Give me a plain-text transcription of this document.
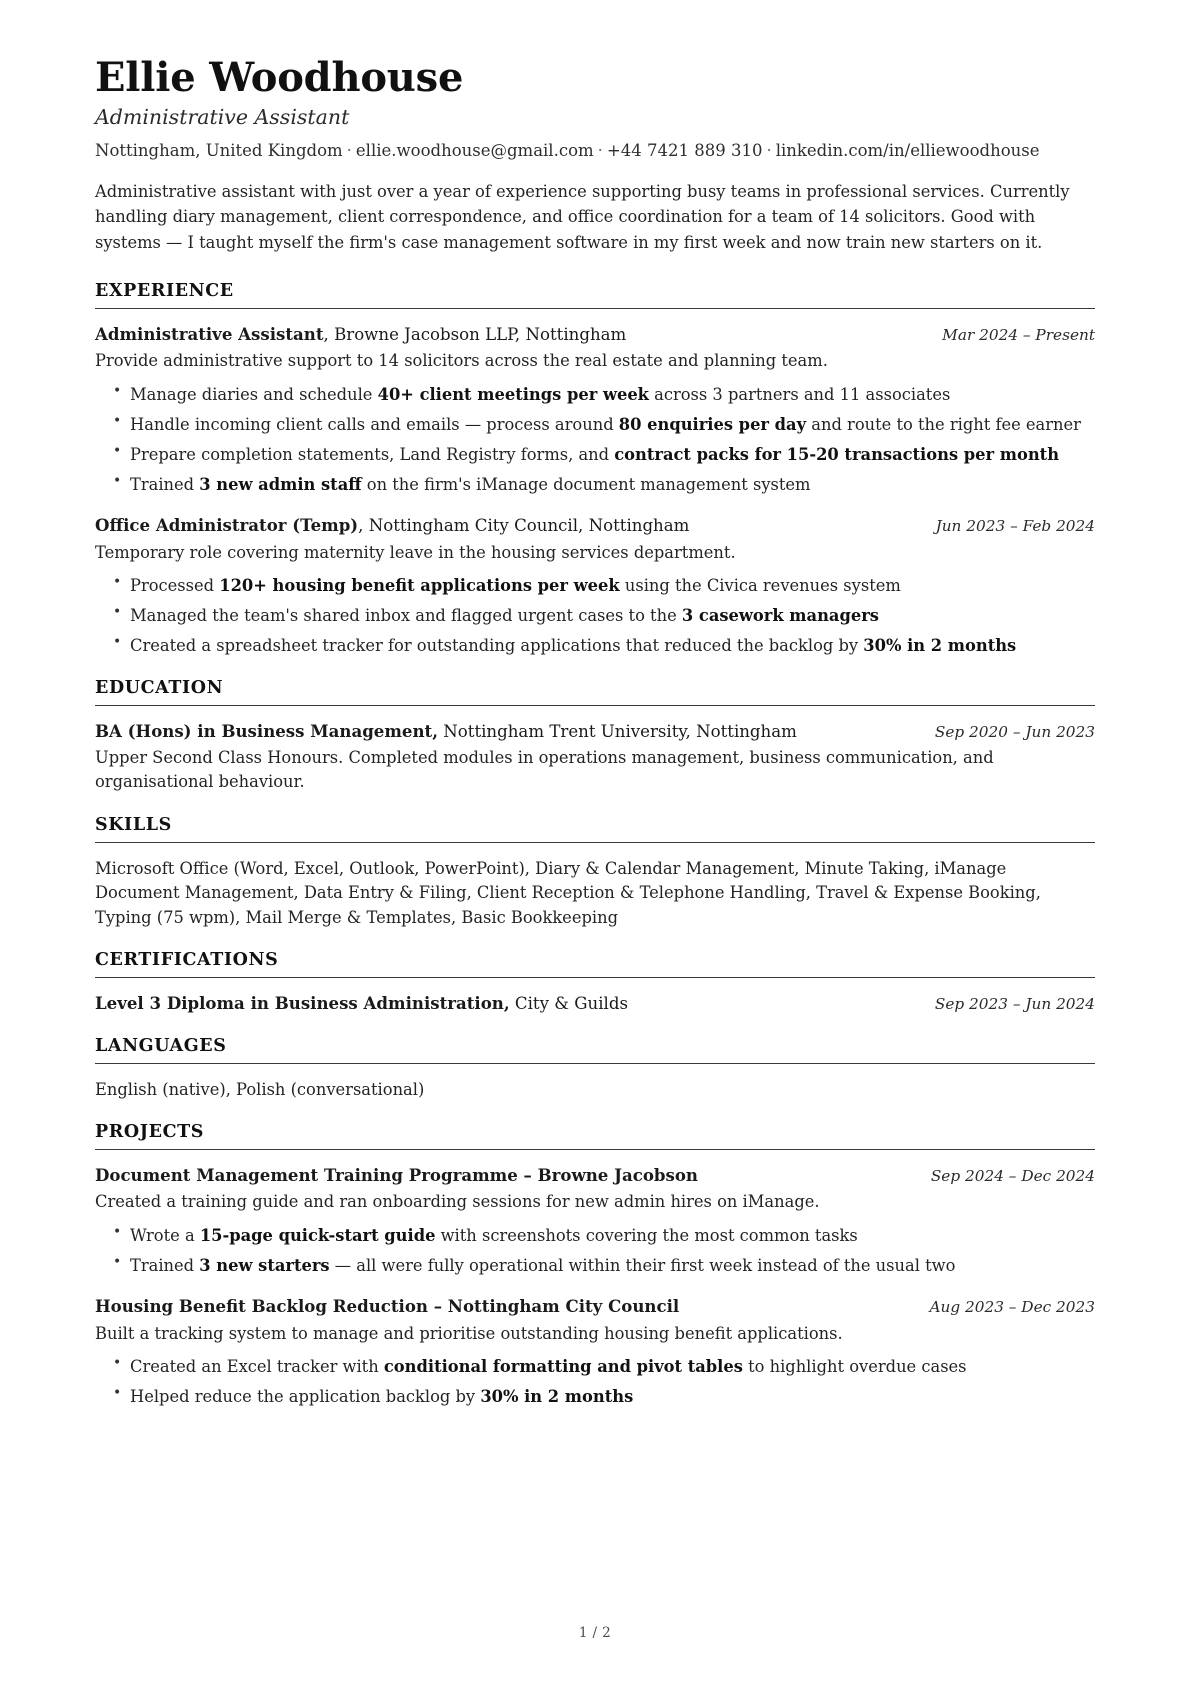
Ellie Woodhouse
Administrative Assistant
Nottingham, United Kingdom · ellie.woodhouse@gmail.com · +44 7421 889 310 · linkedin.com/in/elliewoodhouse

Administrative assistant with just over a year of experience supporting busy teams in professional services. Currently handling diary management, client correspondence, and office coordination for a team of 14 solicitors. Good with systems — I taught myself the firm's case management software in my first week and now train new starters on it.

EXPERIENCE
Administrative Assistant, Browne Jacobson LLP, Nottingham	Mar 2024 – Present

Provide administrative support to 14 solicitors across the real estate and planning team.

• Manage diaries and schedule 40+ client meetings per week across 3 partners and 11 associates
• Handle incoming client calls and emails — process around 80 enquiries per day and route to the right fee earner
• Prepare completion statements, Land Registry forms, and contract packs for 15-20 transactions per month
• Trained 3 new admin staff on the firm's iManage document management system
Office Administrator (Temp), Nottingham City Council, Nottingham	Jun 2023 – Feb 2024

Temporary role covering maternity leave in the housing services department.

• Processed 120+ housing benefit applications per week using the Civica revenues system
• Managed the team's shared inbox and flagged urgent cases to the 3 casework managers
• Created a spreadsheet tracker for outstanding applications that reduced the backlog by 30% in 2 months
EDUCATION
BA (Hons) in Business Management, Nottingham Trent University, Nottingham	Sep 2020 – Jun 2023

Upper Second Class Honours. Completed modules in operations management, business communication, and organisational behaviour.

SKILLS

Microsoft Office (Word, Excel, Outlook, PowerPoint), Diary & Calendar Management, Minute Taking, iManage Document Management, Data Entry & Filing, Client Reception & Telephone Handling, Travel & Expense Booking, Typing (75 wpm), Mail Merge & Templates, Basic Bookkeeping

CERTIFICATIONS
Level 3 Diploma in Business Administration, City & Guilds	Sep 2023 – Jun 2024
LANGUAGES

English (native), Polish (conversational)

PROJECTS
Document Management Training Programme – Browne Jacobson	Sep 2024 – Dec 2024

Created a training guide and ran onboarding sessions for new admin hires on iManage.

• Wrote a 15-page quick-start guide with screenshots covering the most common tasks
• Trained 3 new starters — all were fully operational within their first week instead of the usual two
Housing Benefit Backlog Reduction – Nottingham City Council	Aug 2023 – Dec 2023

Built a tracking system to manage and prioritise outstanding housing benefit applications.

• Created an Excel tracker with conditional formatting and pivot tables to highlight overdue cases
• Helped reduce the application backlog by 30% in 2 months
1 / 2
